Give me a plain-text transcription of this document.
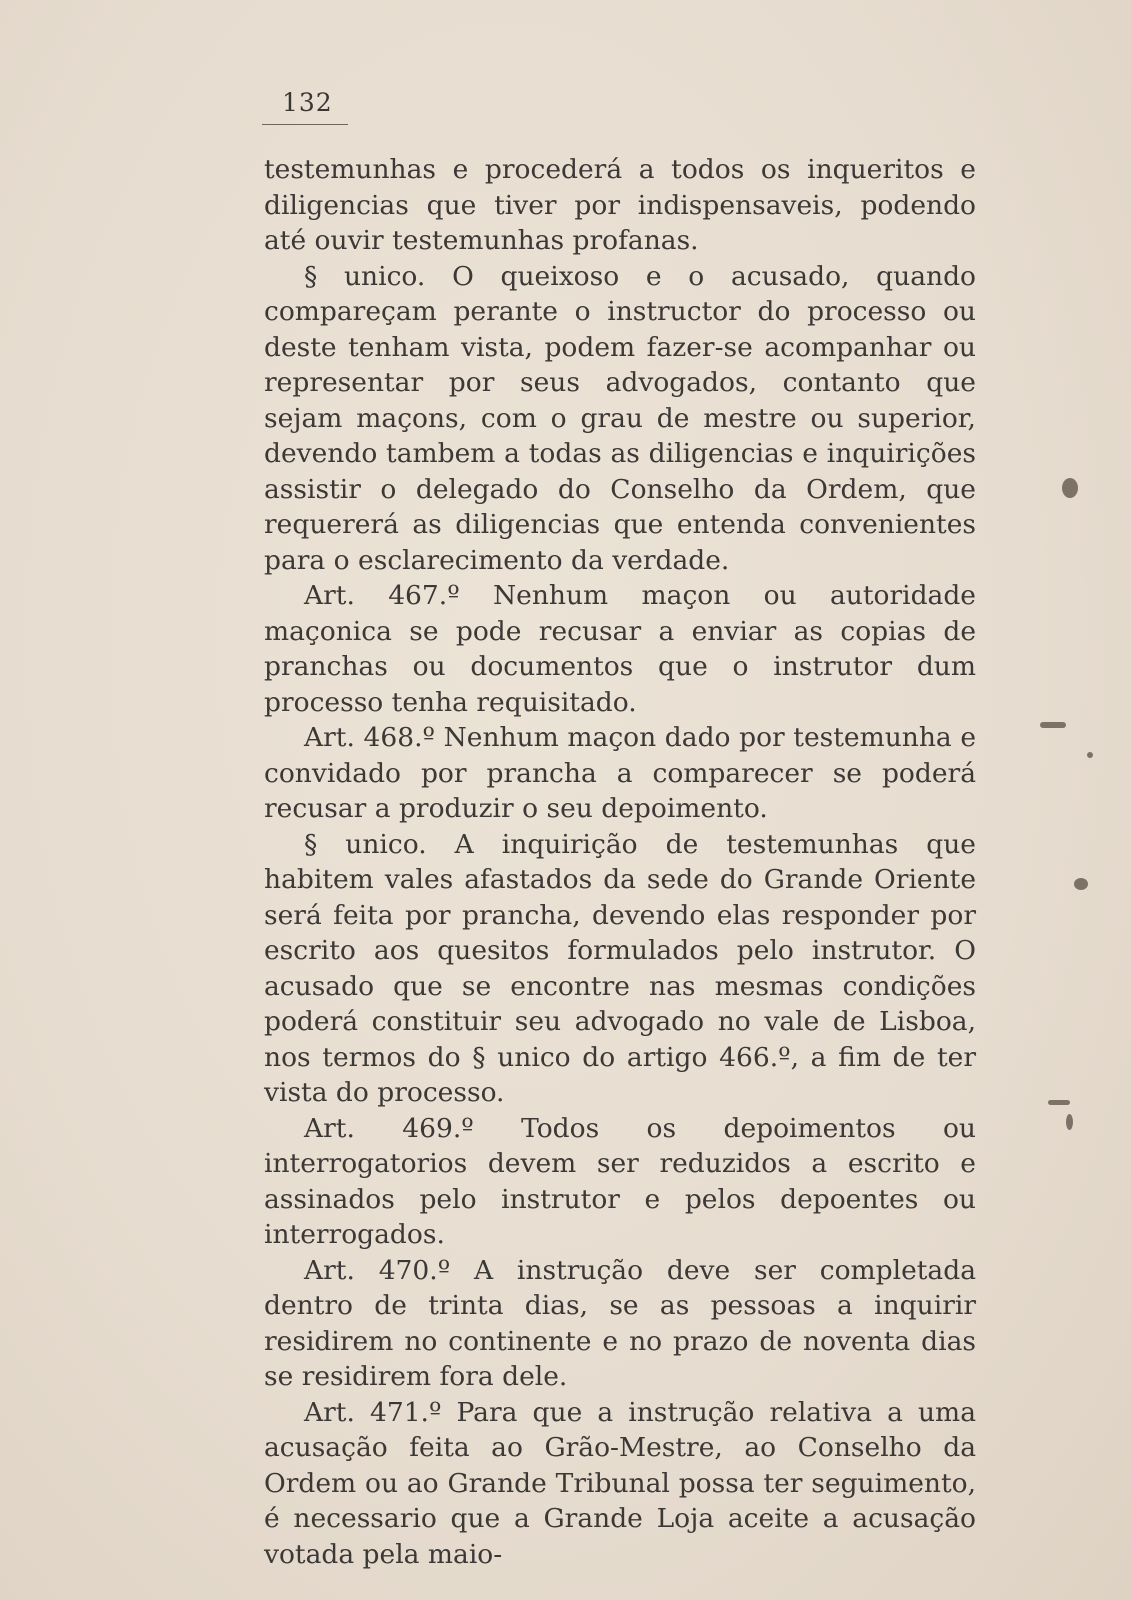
132

testemunhas e procederá a todos os inqueritos e diligencias que tiver por indispensaveis, podendo até ouvir testemunhas profanas.

§ unico. O queixoso e o acusado, quando compareçam perante o instructor do processo ou deste tenham vista, podem fazer-se acompanhar ou representar por seus advogados, contanto que sejam maçons, com o grau de mestre ou superior, devendo tambem a todas as diligencias e inquirições assistir o delegado do Conselho da Ordem, que requererá as diligencias que entenda convenientes para o esclarecimento da verdade.

Art. 467.º Nenhum maçon ou autoridade maçonica se pode recusar a enviar as copias de pranchas ou documentos que o instrutor dum processo tenha requisitado.

Art. 468.º Nenhum maçon dado por testemunha e convidado por prancha a comparecer se poderá recusar a produzir o seu depoimento.

§ unico. A inquirição de testemunhas que habitem vales afastados da sede do Grande Oriente será feita por prancha, devendo elas responder por escrito aos quesitos formulados pelo instrutor. O acusado que se encontre nas mesmas condições poderá constituir seu advogado no vale de Lisboa, nos termos do § unico do artigo 466.º, a fim de ter vista do processo.

Art. 469.º Todos os depoimentos ou interrogatorios devem ser reduzidos a escrito e assinados pelo instrutor e pelos depoentes ou interrogados.

Art. 470.º A instrução deve ser completada dentro de trinta dias, se as pessoas a inquirir residirem no continente e no prazo de noventa dias se residirem fora dele.

Art. 471.º Para que a instrução relativa a uma acusação feita ao Grão-Mestre, ao Conselho da Ordem ou ao Grande Tribunal possa ter seguimento, é necessario que a Grande Loja aceite a acusação votada pela maio-
